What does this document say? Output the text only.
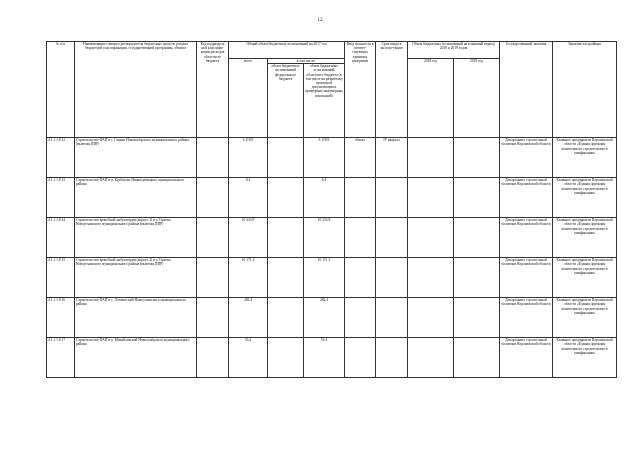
12
№ п/п	Наименование главного распорядителя бюджетных средств, раздела бюджетной классификации, государственной программы, объекта	Код подраздела ной классифи-кации расходов областного бюджета	Общий объем бюджетных ассигнований на 2017 год			Ввод мощности в соответ-ствующих единицах измерения	Срок ввода в эксплуа-тацию	Объем бюджетных ассигнований на плановый период 2018 и 2019 годов		Государственный заказчик	Заказчик-застройщик
			всего	в том числе:				2018 год	2019 год		
				объем бюджетных ассигнований федерального бюджета	объем бюджетных ассигнований областного бюджета (в том числе на разработку проектной документации и проведение инженерных изысканий)						
4.1.1.1.8.12	Строительство ФАП в с. Глядни Новохопёрского муниципального района (включая ПИР)		6 118,9		6 118,9	объект	IV квартал			Департамент строительной политики Воронежской области	Казенное предприятие Воронежской области «Единая дирекция капитального строительства и газификации»
4.1.1.1.8.13	Строительство ФАП в п. Курбатово Нижнедевицкого муниципального района		0,4		0,4					Департамент строительной политики Воронежской области	Казенное предприятие Воронежской области «Единая дирекция капитального строительства и газификации»
4.1.1.1.8.14	Строительство врачебной амбулатории (корпус 1) в с. Орлово Новоусманского муниципального района (включая ПИР)		10 233,9		10 233,9					Департамент строительной политики Воронежской области	Казенное предприятие Воронежской области «Единая дирекция капитального строительства и газификации»
4.1.1.1.8.15	Строительство врачебной амбулатории (корпус 2) в с. Орлово Новоусманского муниципального района (включая ПИР)		10 171,3		10 171,3					Департамент строительной политики Воронежской области	Казенное предприятие Воронежской области «Единая дирекция капитального строительства и газификации»
4.1.1.1.8.16	Строительство ФАП в с. Лозоватский Новоусманского муниципального района		282,4		282,4					Департамент строительной политики Воронежской области	Казенное предприятие Воронежской области «Единая дирекция капитального строительства и газификации»
4.1.1.1.8.17	Строительство ФАП в п. Михайловский Новохопёрского муниципального района		53,4		53,4					Департамент строительной политики Воронежской области	Казенное предприятие Воронежской области «Единая дирекция капитального строительства и газификации»
